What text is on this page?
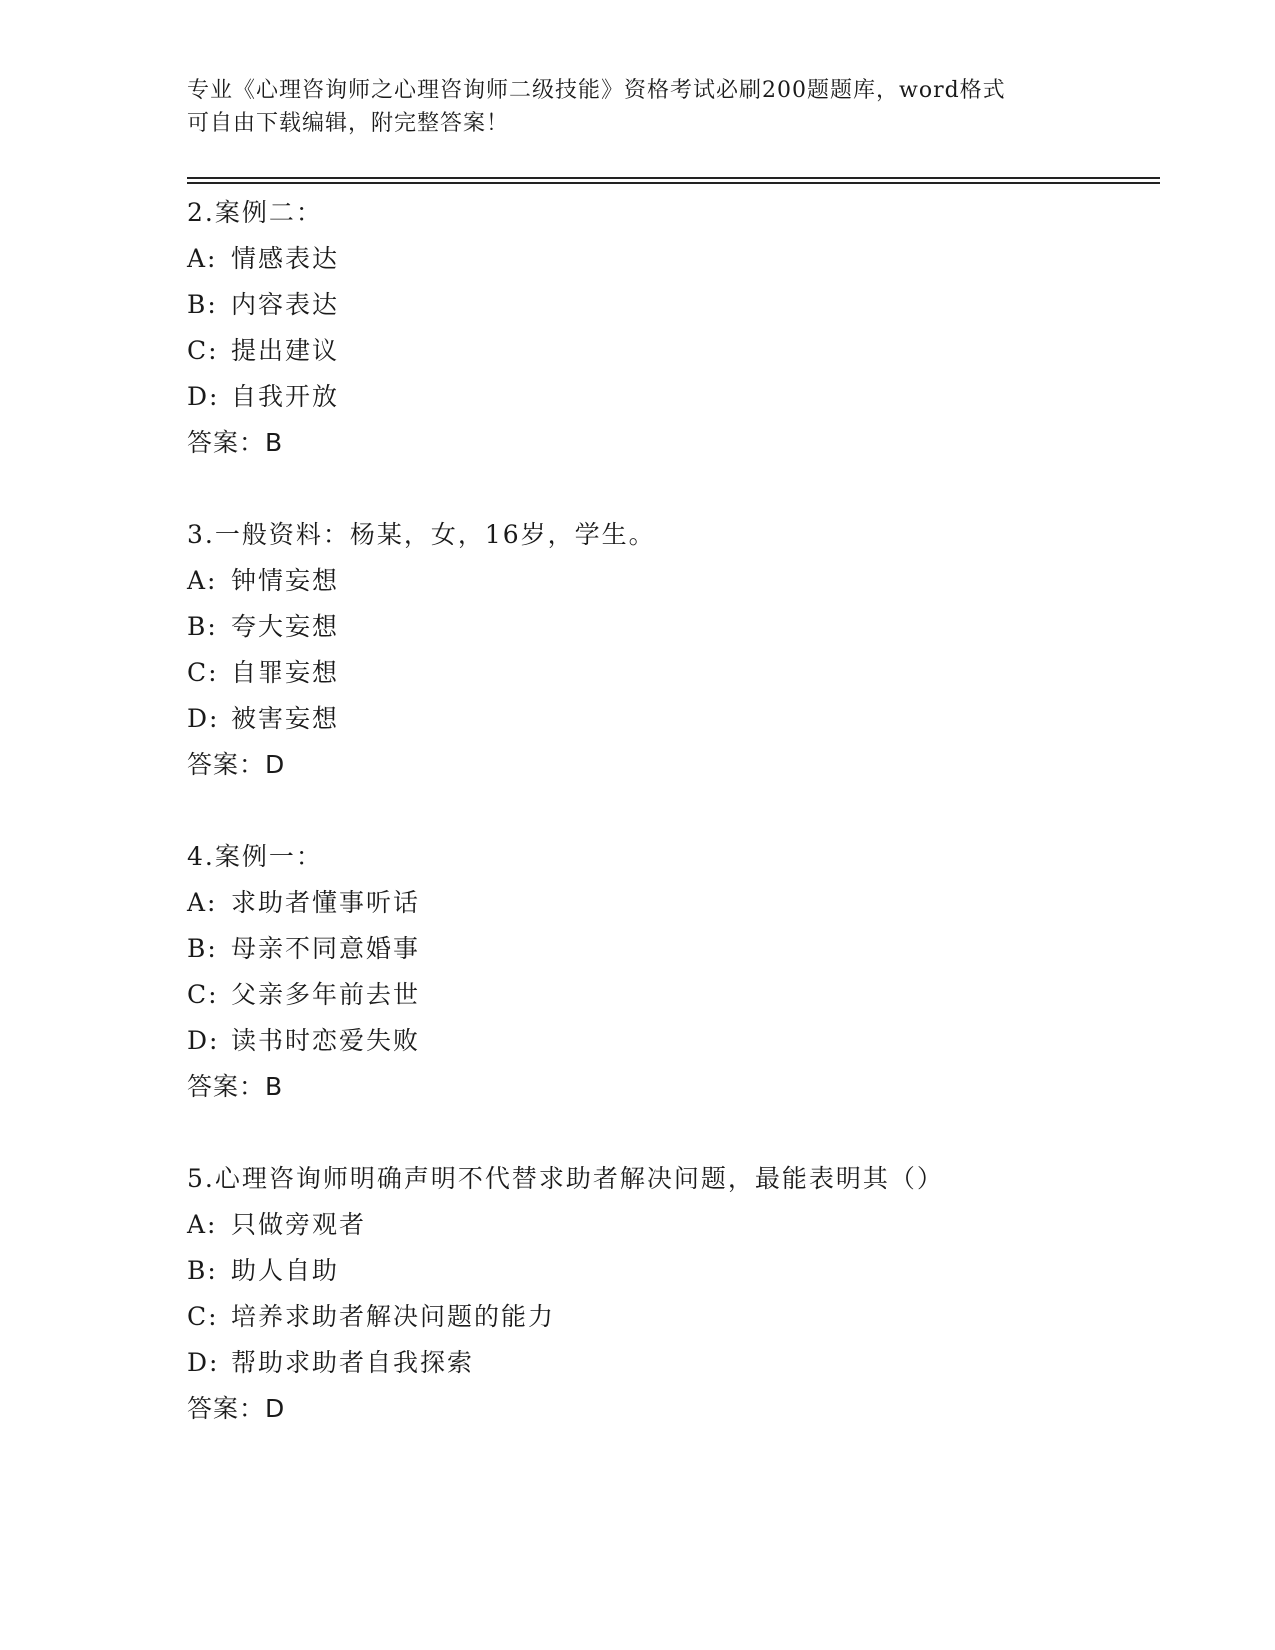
专业《心理咨询师之心理咨询师二级技能》资格考试必刷200题题库，word格式
可自由下载编辑，附完整答案！
2.案例二：
A: 情感表达
B: 内容表达
C: 提出建议
D: 自我开放
答案：B
3.一般资料：杨某，女，16岁，学生。
A: 钟情妄想
B: 夸大妄想
C: 自罪妄想
D: 被害妄想
答案：D
4.案例一：
A: 求助者懂事听话
B: 母亲不同意婚事
C: 父亲多年前去世
D: 读书时恋爱失败
答案：B
5.心理咨询师明确声明不代替求助者解决问题，最能表明其（）
A: 只做旁观者
B: 助人自助
C: 培养求助者解决问题的能力
D: 帮助求助者自我探索
答案：D
